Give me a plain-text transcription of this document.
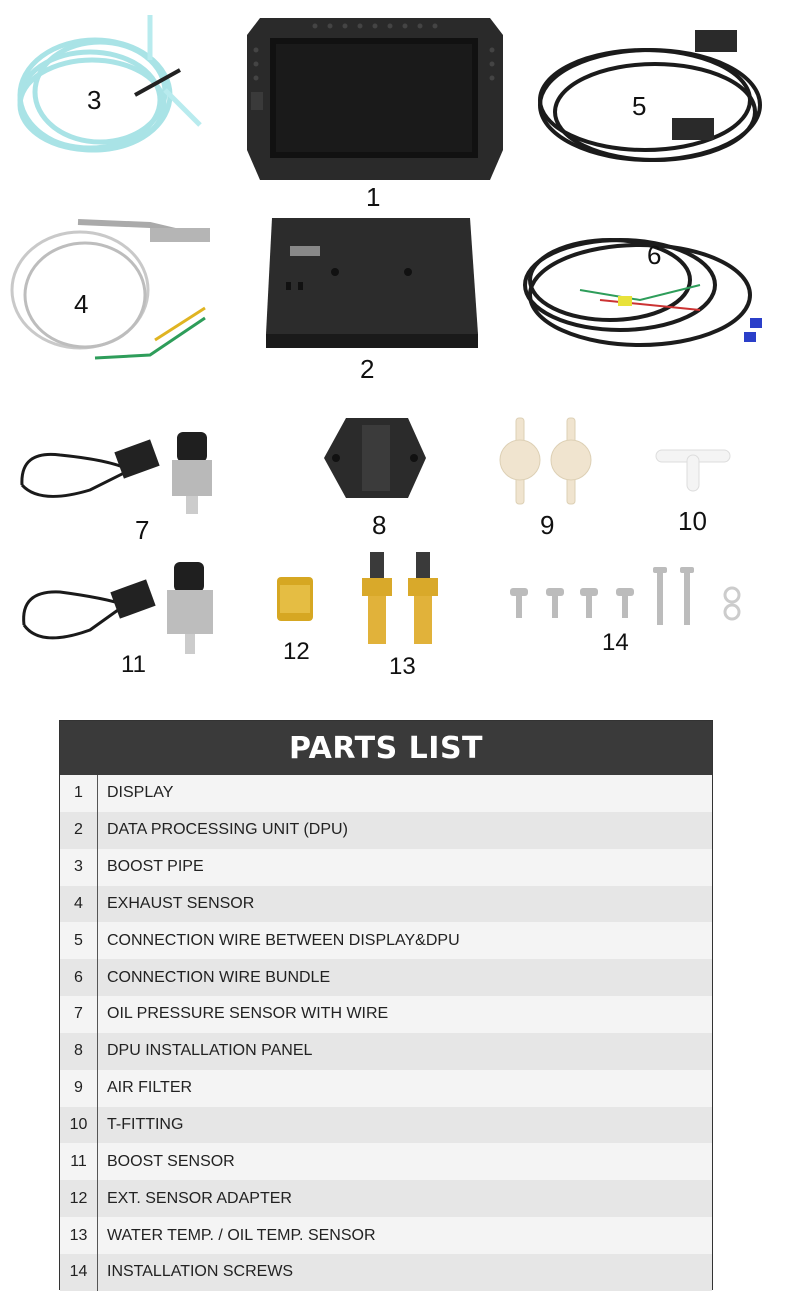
1
2
3
4
5
6
7	8	9	10
11	12
13
14
PARTS LIST
1	DISPLAY
2	DATA PROCESSING UNIT (DPU)
3	BOOST PIPE
4	EXHAUST SENSOR
5	CONNECTION WIRE BETWEEN DISPLAY&DPU
6	CONNECTION WIRE BUNDLE
7	OIL PRESSURE SENSOR WITH WIRE
8	DPU INSTALLATION PANEL
9	AIR FILTER
10	T-FITTING
11	BOOST SENSOR
12	EXT. SENSOR ADAPTER
13	WATER TEMP. / OIL TEMP. SENSOR
14	INSTALLATION SCREWS
